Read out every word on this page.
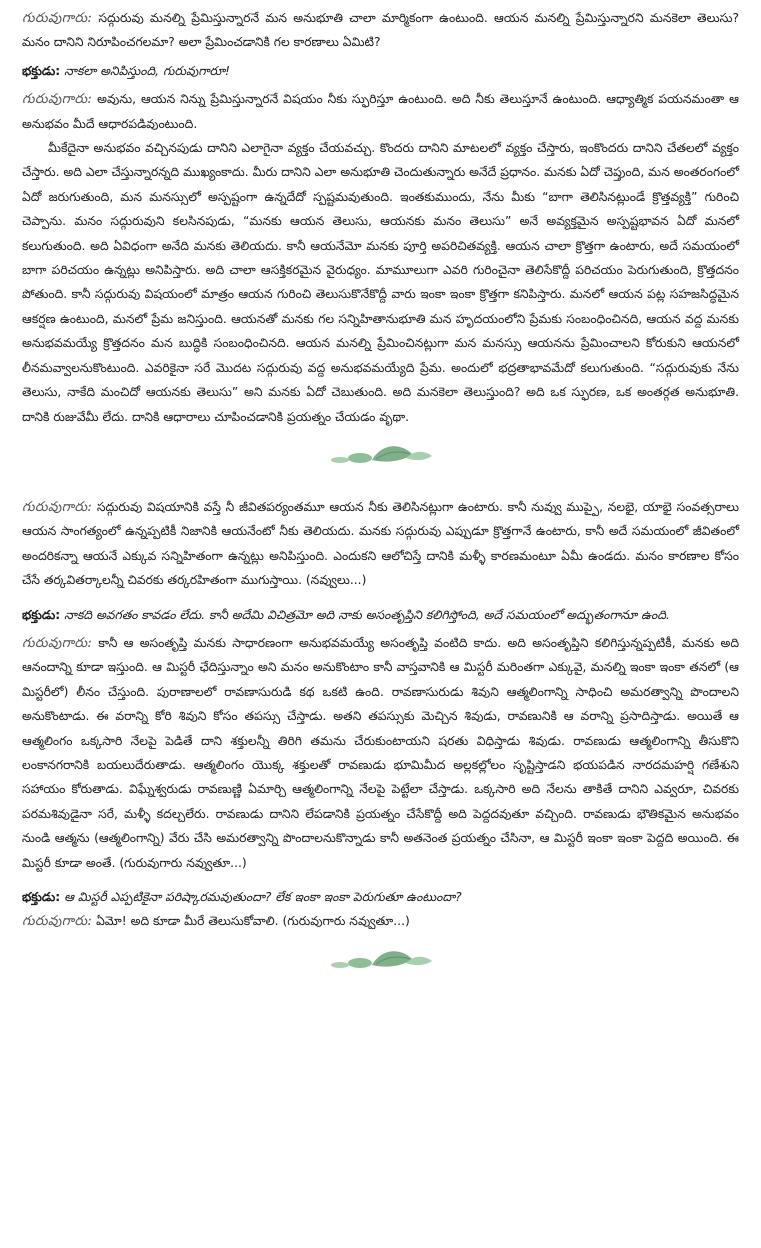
గురువుగారు: సద్గురువు మనల్ని ప్రేమిస్తున్నారనే మన అనుభూతి చాలా మార్మికంగా ఉంటుంది. ఆయన మనల్ని ప్రేమిస్తున్నారని మనకెలా తెలుసు? మనం దానిని నిరూపించగలమా? అలా ప్రేమించడానికి గల కారణాలు ఏమిటి?

భక్తుడు: నాకలా అనిపిస్తుంది, గురువుగారూ!

గురువుగారు: అవును, ఆయన నిన్ను ప్రేమిస్తున్నారనే విషయం నీకు స్ఫురిస్తూ ఉంటుంది. అది నీకు తెలుస్తూనే ఉంటుంది. ఆధ్యాత్మిక పయనమంతా ఆ అనుభవం మీదే ఆధారపడివుంటుంది.

మీకేదైనా అనుభవం వచ్చినపుడు దానిని ఎలాగైనా వ్యక్తం చేయవచ్చు. కొందరు దానిని మాటలలో వ్యక్తం చేస్తారు, ఇంకొందరు దానిని చేతలలో వ్యక్తం చేస్తారు. అది ఎలా చేస్తున్నారన్నది ముఖ్యంకాదు. మీరు దానిని ఎలా అనుభూతి చెందుతున్నారు అనేదే ప్రధానం. మనకు ఏదో చెప్తుంది, మన అంతరంగంలో ఏదో జరుగుతుంది, మన మనస్సులో అస్పష్టంగా ఉన్నదేదో స్పష్టమవుతుంది. ఇంతకుముందు, నేను మీకు “బాగా తెలిసినట్లుండే క్రొత్తవ్యక్తి” గురించి చెప్పాను. మనం సద్గురువుని కలసినపుడు, “మనకు ఆయన తెలుసు, ఆయనకు మనం తెలుసు” అనే అవ్యక్తమైన అస్పష్టభావన ఏదో మనలో కలుగుతుంది. అది ఏవిధంగా అనేది మనకు తెలియదు. కానీ ఆయనేమో మనకు పూర్తి అపరిచితవ్యక్తి. ఆయన చాలా క్రొత్తగా ఉంటారు, అదే సమయంలో బాగా పరిచయం ఉన్నట్లు అనిపిస్తారు. అది చాలా ఆసక్తికరమైన వైరుధ్యం. మామూలుగా ఎవరి గురించైనా తెలిసేకొద్దీ పరిచయం పెరుగుతుంది, క్రొత్తదనం పోతుంది. కానీ సద్గురువు విషయంలో మాత్రం ఆయన గురించి తెలుసుకొనేకొద్దీ వారు ఇంకా ఇంకా క్రొత్తగా కనిపిస్తారు. మనలో ఆయన పట్ల సహజసిద్ధమైన ఆకర్షణ ఉంటుంది, మనలో ప్రేమ జనిస్తుంది. ఆయనతో మనకు గల సన్నిహితానుభూతి మన హృదయంలోని ప్రేమకు సంబంధించినది, ఆయన వద్ద మనకు అనుభవమయ్యే క్రొత్తదనం మన బుద్ధికి సంబంధించినది. ఆయన మనల్ని ప్రేమించినట్లుగా మన మనస్సు ఆయనను ప్రేమించాలని కోరుకుని ఆయనలో లీనమవ్వాలనుకొంటుంది. ఎవరికైనా సరే మొదట సద్గురువు వద్ద అనుభవమయ్యేది ప్రేమ. అందులో భద్రతాభావమేదో కలుగుతుంది. “సద్గురువుకు నేను తెలుసు, నాకేది మంచిదో ఆయనకు తెలుసు” అని మనకు ఏదో చెబుతుంది. అది మనకెలా తెలుస్తుంది? అది ఒక స్ఫురణ, ఒక అంతర్గత అనుభూతి. దానికి రుజువేమీ లేదు. దానికి ఆధారాలు చూపించడానికి ప్రయత్నం చేయడం వృథా.

గురువుగారు: సద్గురువు విషయానికి వస్తే నీ జీవితపర్యంతమూ ఆయన నీకు తెలిసినట్లుగా ఉంటారు. కానీ నువ్వు ముప్పై, నలభై, యాభై సంవత్సరాలు ఆయన సాంగత్యంలో ఉన్నప్పటికీ నిజానికి ఆయనేంటో నీకు తెలియదు. మనకు సద్గురువు ఎప్పుడూ క్రొత్తగానే ఉంటారు, కానీ అదే సమయంలో జీవితంలో అందరికన్నా ఆయనే ఎక్కువ సన్నిహితంగా ఉన్నట్లు అనిపిస్తుంది. ఎందుకని ఆలోచిస్తే దానికి మళ్ళీ కారణమంటూ ఏమీ ఉండదు. మనం కారణాల కోసం చేసే తర్కవితర్కాలన్నీ చివరకు తర్కరహితంగా ముగుస్తాయి. (నవ్వులు...)

భక్తుడు: నాకది అవగతం కావడం లేదు. కానీ అదేమి విచిత్రమో అది నాకు అసంతృప్తిని కలిగిస్తోంది, అదే సమయంలో అద్భుతంగానూ ఉంది.

గురువుగారు: కానీ ఆ అసంతృప్తి మనకు సాధారణంగా అనుభవమయ్యే అసంతృప్తి వంటిది కాదు. అది అసంతృప్తిని కలిగిస్తున్నప్పటికీ, మనకు అది ఆనందాన్ని కూడా ఇస్తుంది. ఆ మిస్టరీ ఛేదిస్తున్నాం అని మనం అనుకొంటాం కానీ వాస్తవానికి ఆ మిస్టరీ మరింతగా ఎక్కువై, మనల్ని ఇంకా ఇంకా తనలో (ఆ మిస్టరీలో) లీనం చేస్తుంది. పురాణాలలో రావణాసురుడి కథ ఒకటి ఉంది. రావణాసురుడు శివుని ఆత్మలింగాన్ని సాధించి అమరత్వాన్ని పొందాలని అనుకొంటాడు. ఈ వరాన్ని కోరి శివుని కోసం తపస్సు చేస్తాడు. అతని తపస్సుకు మెచ్చిన శివుడు, రావణునికి ఆ వరాన్ని ప్రసాదిస్తాడు. అయితే ఆ ఆత్మలింగం ఒక్కసారి నేలపై పెడితే దాని శక్తులన్నీ తిరిగి తమను చేరుకుంటాయని షరతు విధిస్తాడు శివుడు. రావణుడు ఆత్మలింగాన్ని తీసుకొని లంకానగరానికి బయలుదేరుతాడు. ఆత్మలింగం యొక్క శక్తులతో రావణుడు భూమిమీద అల్లకల్లోలం సృష్టిస్తాడని భయపడిన నారదమహర్షి గణేశుని సహాయం కోరుతాడు. విఘ్నేశ్వరుడు రావణుణ్ణి ఏమార్చి ఆత్మలింగాన్ని నేలపై పెట్టేలా చేస్తాడు. ఒక్కసారి అది నేలను తాకితే దానిని ఎవ్వరూ, చివరకు పరమశివుడైనా సరే, మళ్ళీ కదల్చలేరు. రావణుడు దానిని లేపడానికి ప్రయత్నం చేసేకొద్దీ అది పెద్దదవుతూ వచ్చింది. రావణుడు భౌతికమైన అనుభవం నుండి ఆత్మను (ఆత్మలింగాన్ని) వేరు చేసి అమరత్వాన్ని పొందాలనుకొన్నాడు కానీ అతనెంత ప్రయత్నం చేసినా, ఆ మిస్టరీ ఇంకా ఇంకా పెద్దది అయింది. ఈ మిస్టరీ కూడా అంతే. (గురువుగారు నవ్వుతూ...)

భక్తుడు: ఆ మిస్టరీ ఎప్పటికైనా పరిష్కారమవుతుందా? లేక ఇంకా ఇంకా పెరుగుతూ ఉంటుందా?

గురువుగారు: ఏమో! అది కూడా మీరే తెలుసుకోవాలి. (గురువుగారు నవ్వుతూ...)
